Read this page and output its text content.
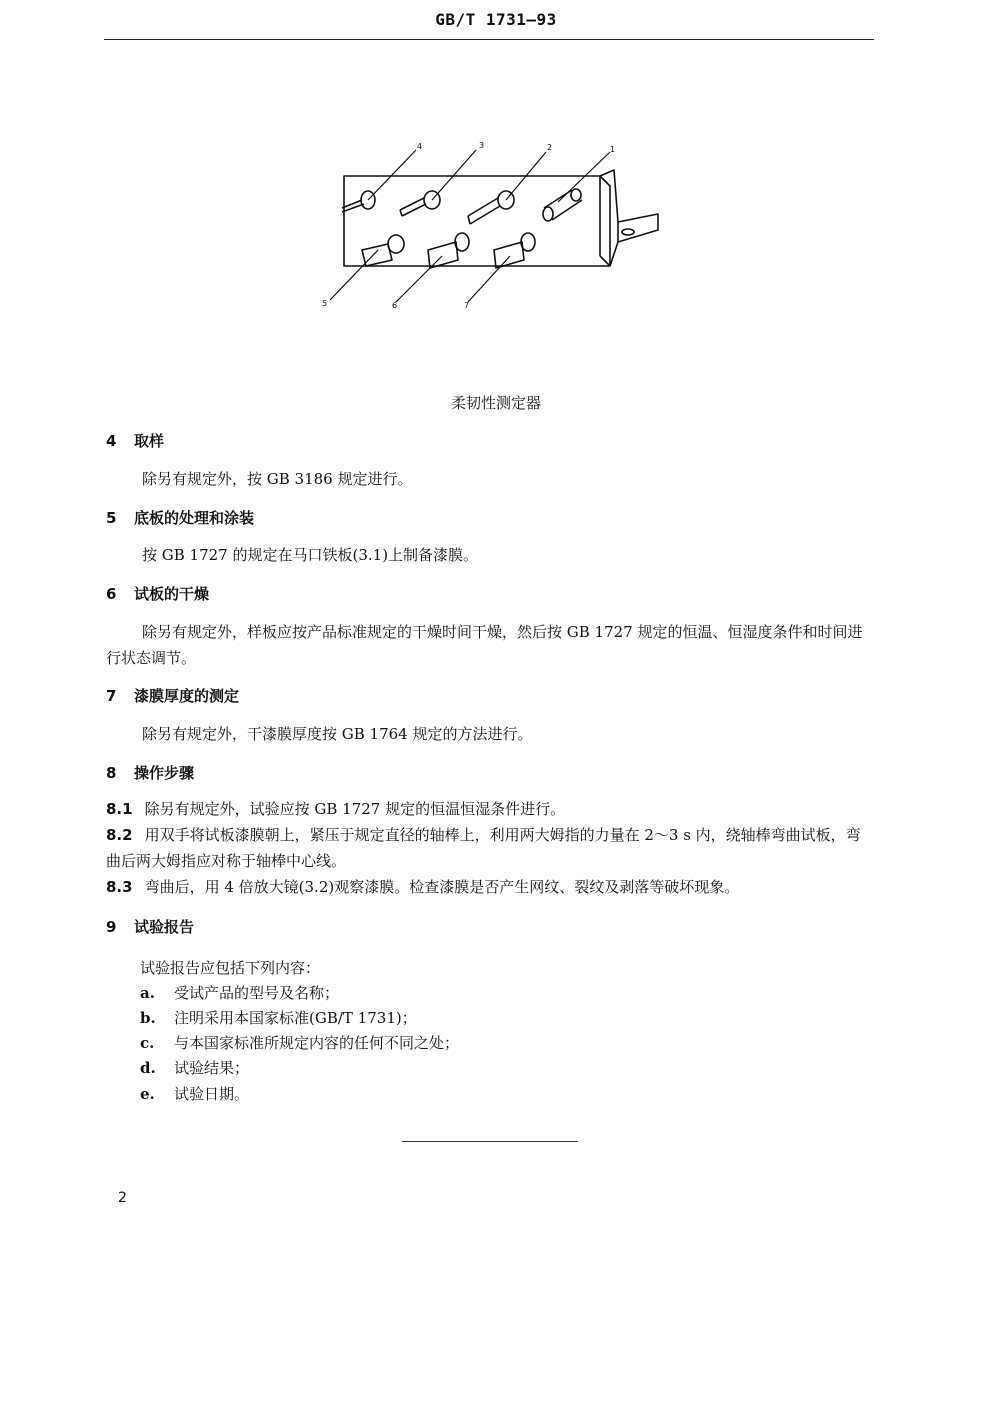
GB/T 1731—93
4	3	2	1
5	6	7
柔韧性测定器
4 取样
除另有规定外，按 GB 3186 规定进行。
5 底板的处理和涂装
按 GB 1727 的规定在马口铁板(3.1)上制备漆膜。
6 试板的干燥
除另有规定外，样板应按产品标准规定的干燥时间干燥，然后按 GB 1727 规定的恒温、恒湿度条件和时间进行状态调节。
7 漆膜厚度的测定
除另有规定外，干漆膜厚度按 GB 1764 规定的方法进行。
8 操作步骤
8.1 除另有规定外，试验应按 GB 1727 规定的恒温恒湿条件进行。
8.2 用双手将试板漆膜朝上，紧压于规定直径的轴棒上，利用两大姆指的力量在 2～3 s 内，绕轴棒弯曲试板，弯曲后两大姆指应对称于轴棒中心线。
8.3 弯曲后，用 4 倍放大镜(3.2)观察漆膜。检查漆膜是否产生网纹、裂纹及剥落等破坏现象。
9 试验报告
试验报告应包括下列内容：
a. 受试产品的型号及名称；
b. 注明采用本国家标准(GB/T 1731)；
c. 与本国家标准所规定内容的任何不同之处；
d. 试验结果；
e. 试验日期。
2
